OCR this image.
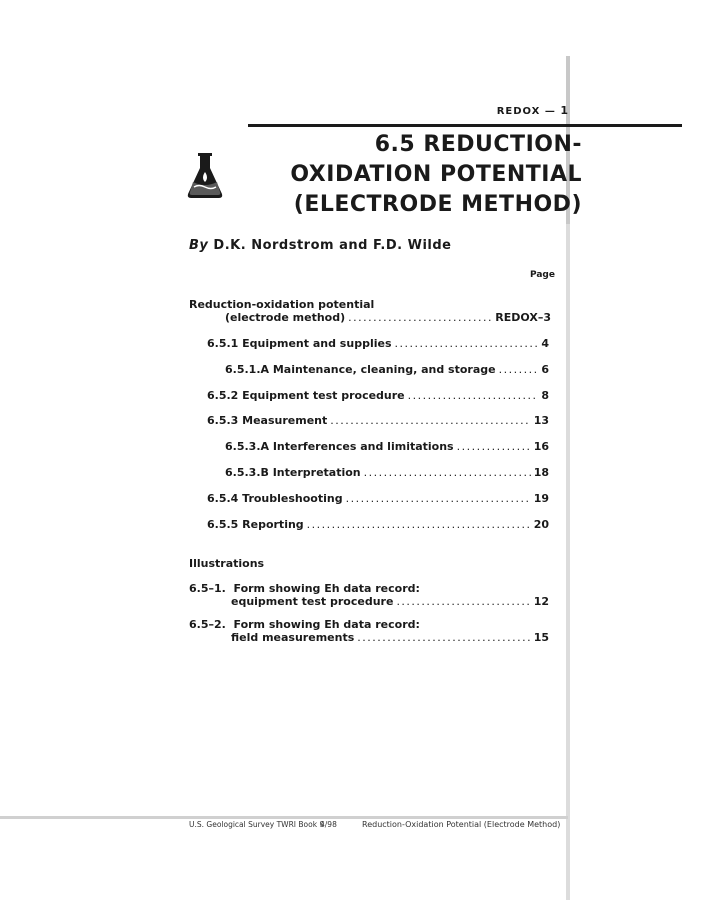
REDOX — 1
6.5 REDUCTION-
OXIDATION POTENTIAL
(ELECTRODE METHOD)
By D.K. Nordstrom and F.D. Wilde
Page
Reduction-oxidation potential
(electrode method) .....	REDOX–3
6.5.1 Equipment and supplies .....	4
6.5.1.A Maintenance, cleaning, and storage .....	6
6.5.2 Equipment test procedure .....	8
6.5.3 Measurement .....	13
6.5.3.A Interferences and limitations .....	16
6.5.3.B Interpretation .....	18
6.5.4 Troubleshooting .....	19
6.5.5 Reporting .....	20
Illustrations
6.5–1. Form showing Eh data record:
equipment test procedure .....	12
6.5–2. Form showing Eh data record:
field measurements .....	15
U.S. Geological Survey TWRI Book 9
4/98	Reduction-Oxidation Potential (Electrode Method)
